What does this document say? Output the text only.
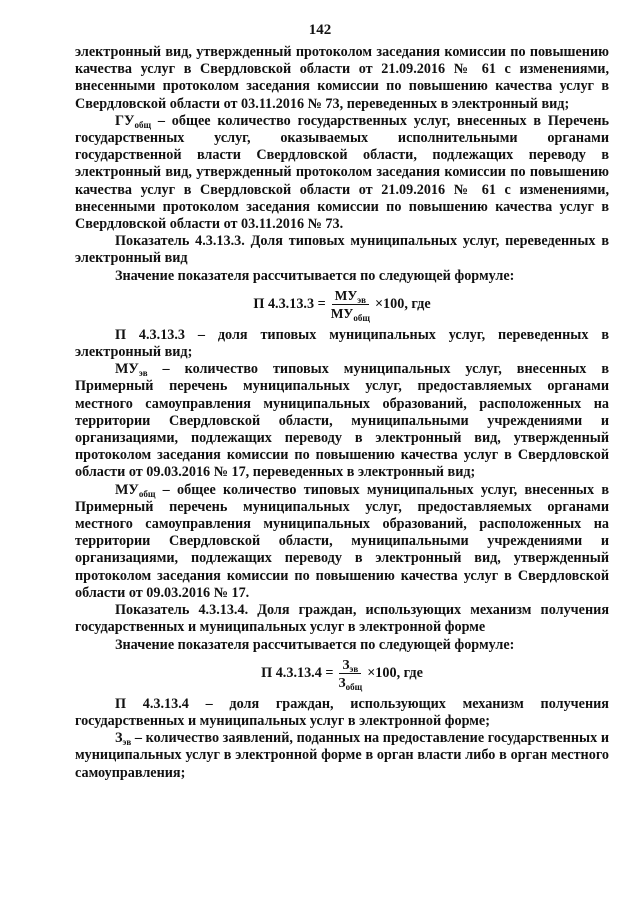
142

электронный вид, утвержденный протоколом заседания комиссии по повышению качества услуг в Свердловской области от 21.09.2016 № 61 с изменениями, внесенными протоколом заседания комиссии по повышению качества услуг в Свердловской области от 03.11.2016 № 73, переведенных в электронный вид;

$ГУ_{общ}$ – общее количество государственных услуг, внесенных в Перечень государственных услуг, оказываемых исполнительными органами государственной власти Свердловской области, подлежащих переводу в электронный вид, утвержденный протоколом заседания комиссии по повышению качества услуг в Свердловской области от 21.09.2016 № 61 с изменениями, внесенными протоколом заседания комиссии по повышению качества услуг в Свердловской области от 03.11.2016 № 73.

Показатель 4.3.13.3. Доля типовых муниципальных услуг, переведенных в электронный вид

Значение показателя рассчитывается по следующей формуле:

П $4.3.13.3 = \frac{МУ_{эв}}{МУ_{общ}} \times 100$, где

П 4.3.13.3 – доля типовых муниципальных услуг, переведенных в электронный вид;

$МУ_{эв}$ – количество типовых муниципальных услуг, внесенных в Примерный перечень муниципальных услуг, предоставляемых органами местного самоуправления муниципальных образований, расположенных на территории Свердловской области, муниципальными учреждениями и организациями, подлежащих переводу в электронный вид, утвержденный протоколом заседания комиссии по повышению качества услуг в Свердловской области от 09.03.2016 № 17, переведенных в электронный вид;

$МУ_{общ}$ – общее количество типовых муниципальных услуг, внесенных в Примерный перечень муниципальных услуг, предоставляемых органами местного самоуправления муниципальных образований, расположенных на территории Свердловской области, муниципальными учреждениями и организациями, подлежащих переводу в электронный вид, утвержденный протоколом заседания комиссии по повышению качества услуг в Свердловской области от 09.03.2016 № 17.

Показатель 4.3.13.4. Доля граждан, использующих механизм получения государственных и муниципальных услуг в электронной форме

Значение показателя рассчитывается по следующей формуле:

П $4.3.13.4 = \frac{З_{эв}}{З_{общ}} \times 100$, где

П 4.3.13.4 – доля граждан, использующих механизм получения государственных и муниципальных услуг в электронной форме;

$З_{эв}$ – количество заявлений, поданных на предоставление государственных и муниципальных услуг в электронной форме в орган власти либо в орган местного самоуправления;
